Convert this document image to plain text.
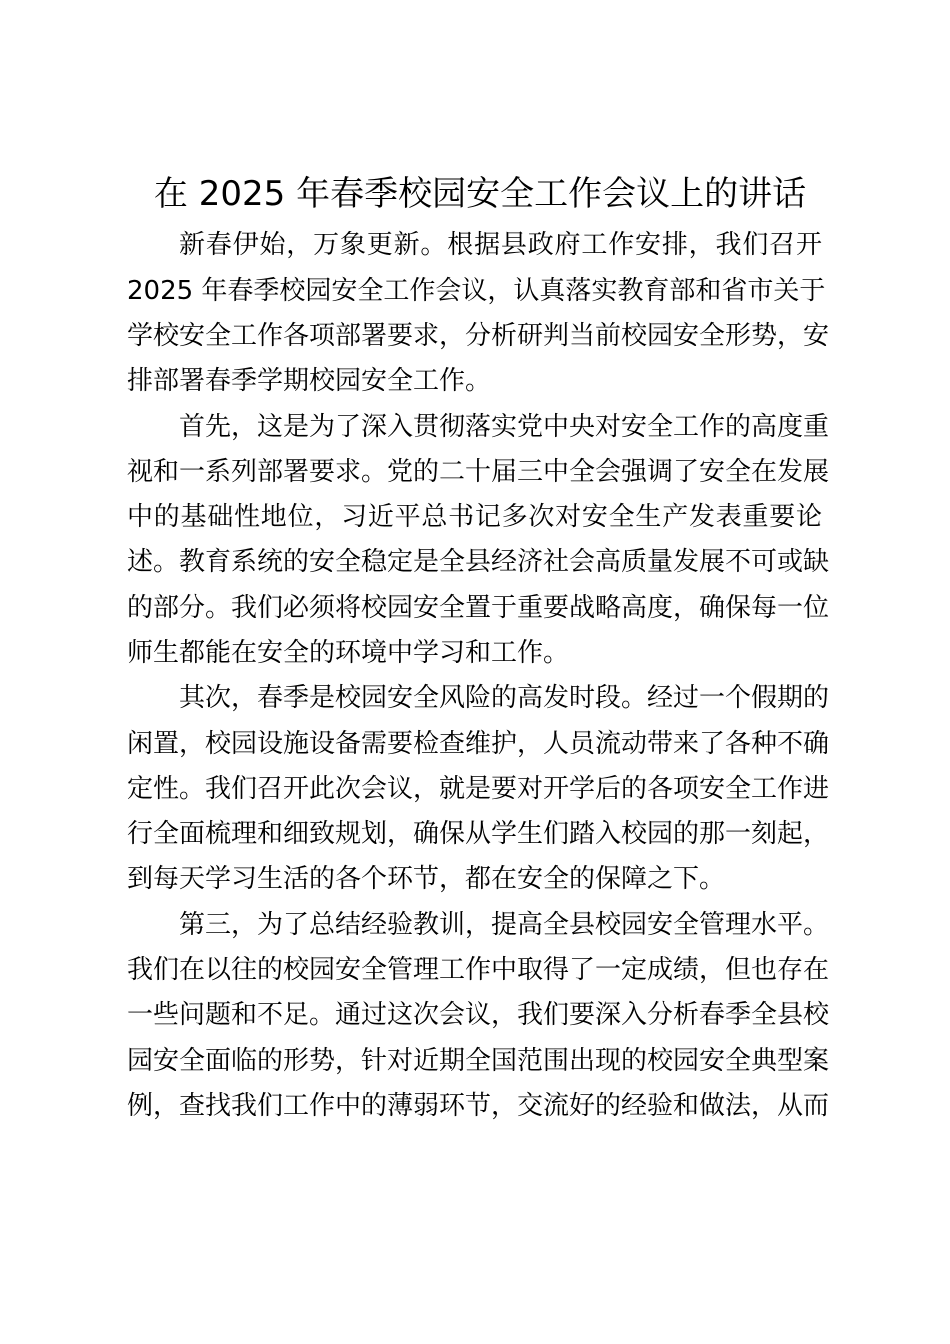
在 2025 年春季校园安全工作会议上的讲话
新春伊始，万象更新。根据县政府工作安排，我们召开
2025 年春季校园安全工作会议，认真落实教育部和省市关于
学校安全工作各项部署要求，分析研判当前校园安全形势，安
排部署春季学期校园安全工作。
首先，这是为了深入贯彻落实党中央对安全工作的高度重
视和一系列部署要求。党的二十届三中全会强调了安全在发展
中的基础性地位，习近平总书记多次对安全生产发表重要论
述。教育系统的安全稳定是全县经济社会高质量发展不可或缺
的部分。我们必须将校园安全置于重要战略高度，确保每一位
师生都能在安全的环境中学习和工作。
其次，春季是校园安全风险的高发时段。经过一个假期的
闲置，校园设施设备需要检查维护，人员流动带来了各种不确
定性。我们召开此次会议，就是要对开学后的各项安全工作进
行全面梳理和细致规划，确保从学生们踏入校园的那一刻起，
到每天学习生活的各个环节，都在安全的保障之下。
第三，为了总结经验教训，提高全县校园安全管理水平。
我们在以往的校园安全管理工作中取得了一定成绩，但也存在
一些问题和不足。通过这次会议，我们要深入分析春季全县校
园安全面临的形势，针对近期全国范围出现的校园安全典型案
例，查找我们工作中的薄弱环节，交流好的经验和做法，从而
